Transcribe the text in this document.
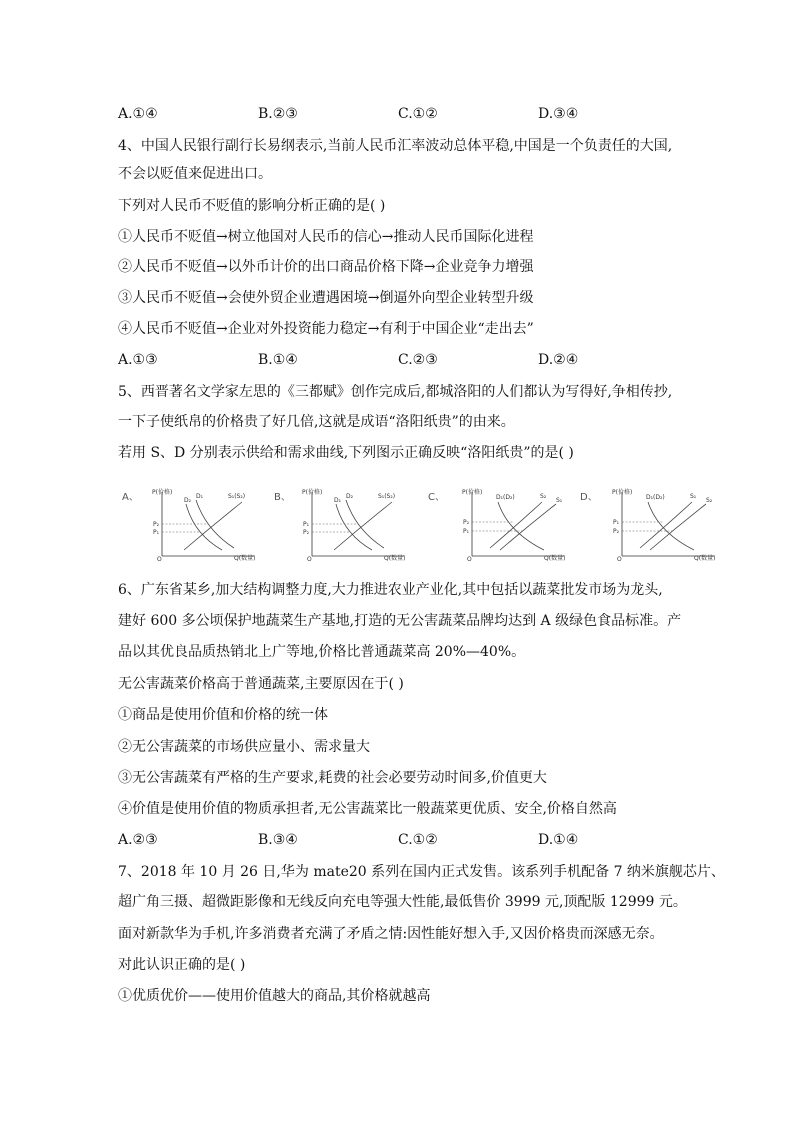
A.①④	B.②③	C.①②	D.③④
4、中国人民银行副行长易纲表示,当前人民币汇率波动总体平稳,中国是一个负责任的大国,
不会以贬值来促进出口。
下列对人民币不贬值的影响分析正确的是( )
①人民币不贬值→树立他国对人民币的信心→推动人民币国际化进程
②人民币不贬值→以外币计价的出口商品价格下降→企业竞争力增强
③人民币不贬值→会使外贸企业遭遇困境→倒逼外向型企业转型升级
④人民币不贬值→企业对外投资能力稳定→有利于中国企业“走出去”
A.①③	B.①④	C.②③	D.②④
5、西晋著名文学家左思的《三都赋》创作完成后,都城洛阳的人们都认为写得好,争相传抄,
一下子使纸帛的价格贵了好几倍,这就是成语“洛阳纸贵”的由来。
若用 S、D 分别表示供给和需求曲线,下列图示正确反映“洛阳纸贵”的是( )
A、 P(价格)
Q(数量)
O
D₂
D₁	S₁(S₂)
P₂
P₁
B、 P(价格)
Q(数量)
O
D₁
D₂	S₁(S₂)
P₁
P₂
C、	P(价格)
Q(数量)
O
D₁(D₂)	S₂
S₁
P₂
P₁
D、 P(价格)
Q(数量)
O
D₁(D₂)	S₁
S₂
P₁
P₂
6、广东省某乡,加大结构调整力度,大力推进农业产业化,其中包括以蔬菜批发市场为龙头,
建好 600 多公顷保护地蔬菜生产基地,打造的无公害蔬菜品牌均达到 A 级绿色食品标准。产
品以其优良品质热销北上广等地,价格比普通蔬菜高 20%—40%。
无公害蔬菜价格高于普通蔬菜,主要原因在于( )
①商品是使用价值和价格的统一体
②无公害蔬菜的市场供应量小、需求量大
③无公害蔬菜有严格的生产要求,耗费的社会必要劳动时间多,价值更大
④价值是使用价值的物质承担者,无公害蔬菜比一般蔬菜更优质、安全,价格自然高
A.②③	B.③④	C.①②	D.①④
7、2018 年 10 月 26 日,华为 mate20 系列在国内正式发售。该系列手机配备 7 纳米旗舰芯片、
超广角三摄、超微距影像和无线反向充电等强大性能,最低售价 3999 元,顶配版 12999 元。
面对新款华为手机,许多消费者充满了矛盾之情:因性能好想入手,又因价格贵而深感无奈。
对此认识正确的是( )
①优质优价——使用价值越大的商品,其价格就越高
